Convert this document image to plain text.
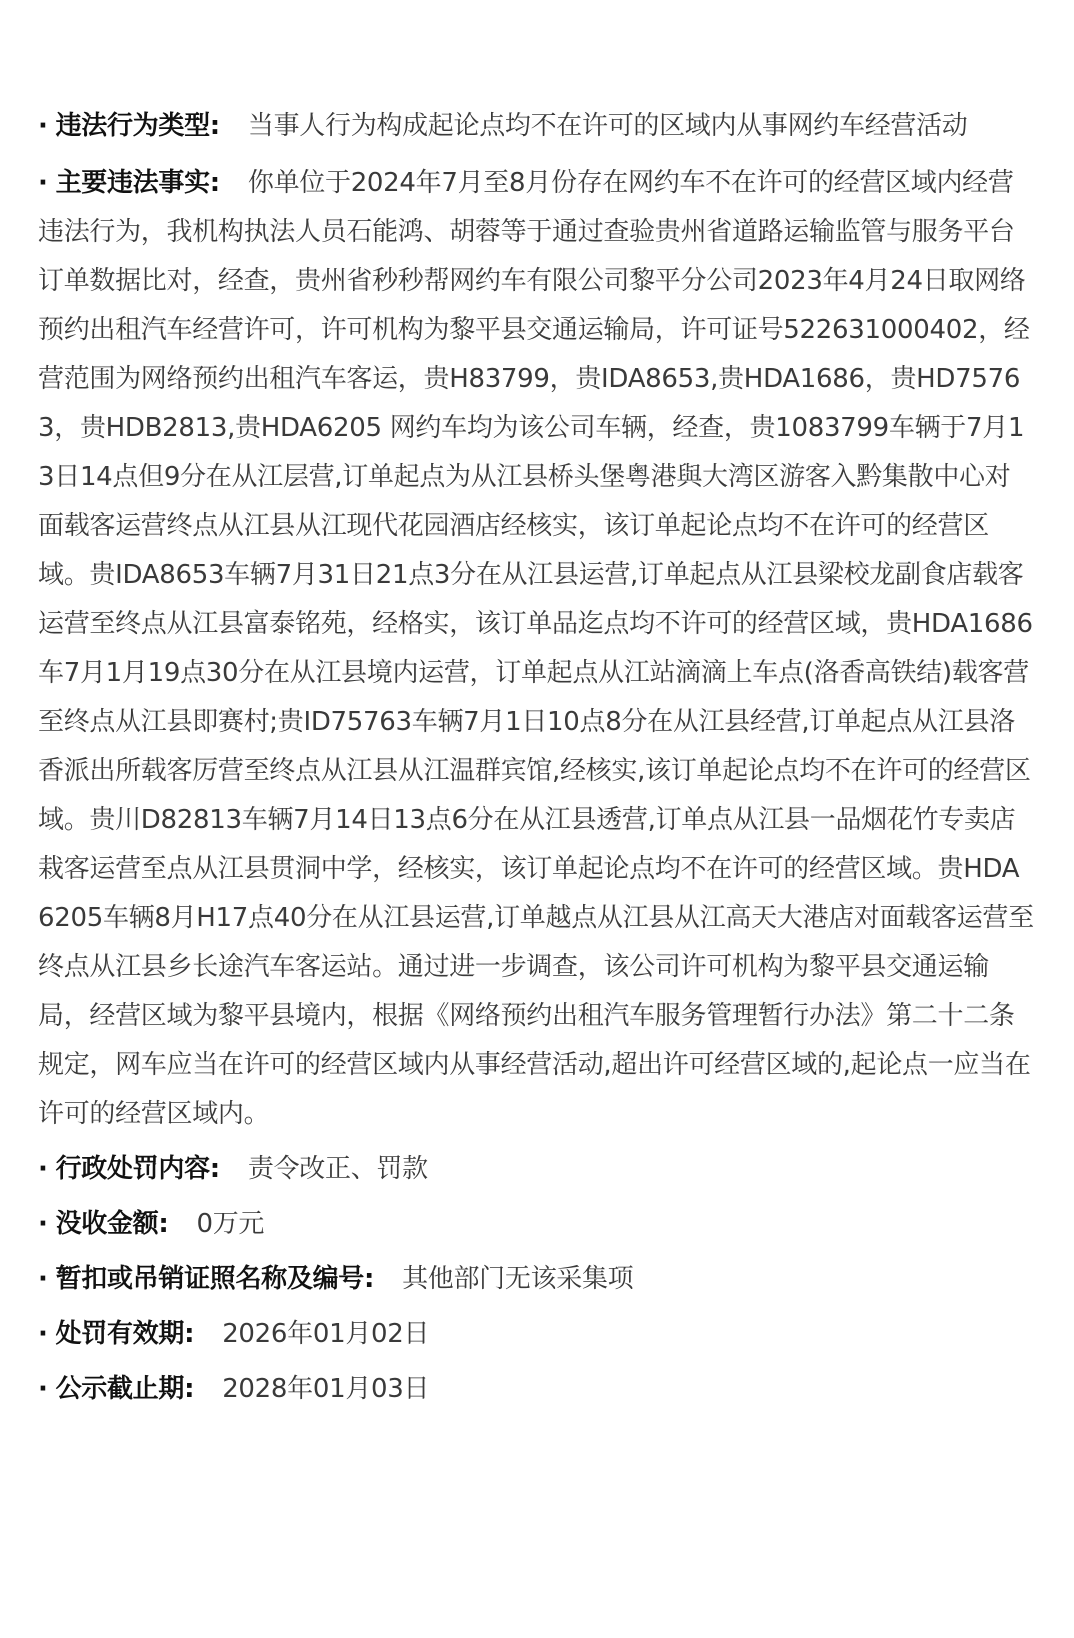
· 违法行为类型: 当事人行为构成起论点均不在许可的区域内从事网约车经营活动
· 主要违法事实: 你单位于2024年7月至8月份存在网约车不在许可的经营区域内经营违法行为，我机构执法人员石能鸿、胡蓉等于通过查验贵州省道路运输监管与服务平台订单数据比对，经查，贵州省秒秒帮网约车有限公司黎平分公司2023年4月24日取网络预约出租汽车经营许可，许可机构为黎平县交通运输局，许可证号522631000402，经营范围为网络预约出租汽车客运，贵H83799，贵IDA8653,贵HDA1686，贵HD75763，贵HDB2813,贵HDA6205 网约车均为该公司车辆，经查，贵1083799车辆于7月13日14点但9分在从江层营,订单起点为从江县桥头堡粤港與大湾区游客入黔集散中心对面载客运营终点从江县从江现代花园酒店经核实，该订单起论点均不在许可的经营区域。贵IDA8653车辆7月31日21点3分在从江县运营,订单起点从江县梁校龙副食店载客运营至终点从江县富泰铭苑，经格实，该订单品迄点均不许可的经营区域，贵HDA1686车7月1月19点30分在从江县境内运营，订单起点从江站滴滴上车点(洛香高铁结)载客营至终点从江县即赛村;贵ID75763车辆7月1日10点8分在从江县经营,订单起点从江县洛香派出所载客厉营至终点从江县从江温群宾馆,经核实,该订单起论点均不在许可的经营区域。贵川D82813车辆7月14日13点6分在从江县透营,订单点从江县一品烟花竹专卖店栽客运营至点从江县贯洞中学，经核实，该订单起论点均不在许可的经营区域。贵HDA6205车辆8月H17点40分在从江县运营,订单越点从江县从江高天大港店对面载客运营至终点从江县乡长途汽车客运站。通过进一步调查，该公司许可机构为黎平县交通运输局，经营区域为黎平县境内，根据《网络预约出租汽车服务管理暂行办法》第二十二条规定，网车应当在许可的经营区域内从事经营活动,超出许可经营区域的,起论点一应当在许可的经营区域内。
· 行政处罚内容: 责令改正、罚款
· 没收金额: 0万元
· 暂扣或吊销证照名称及编号: 其他部门无该采集项
· 处罚有效期: 2026年01月02日
· 公示截止期: 2028年01月03日
